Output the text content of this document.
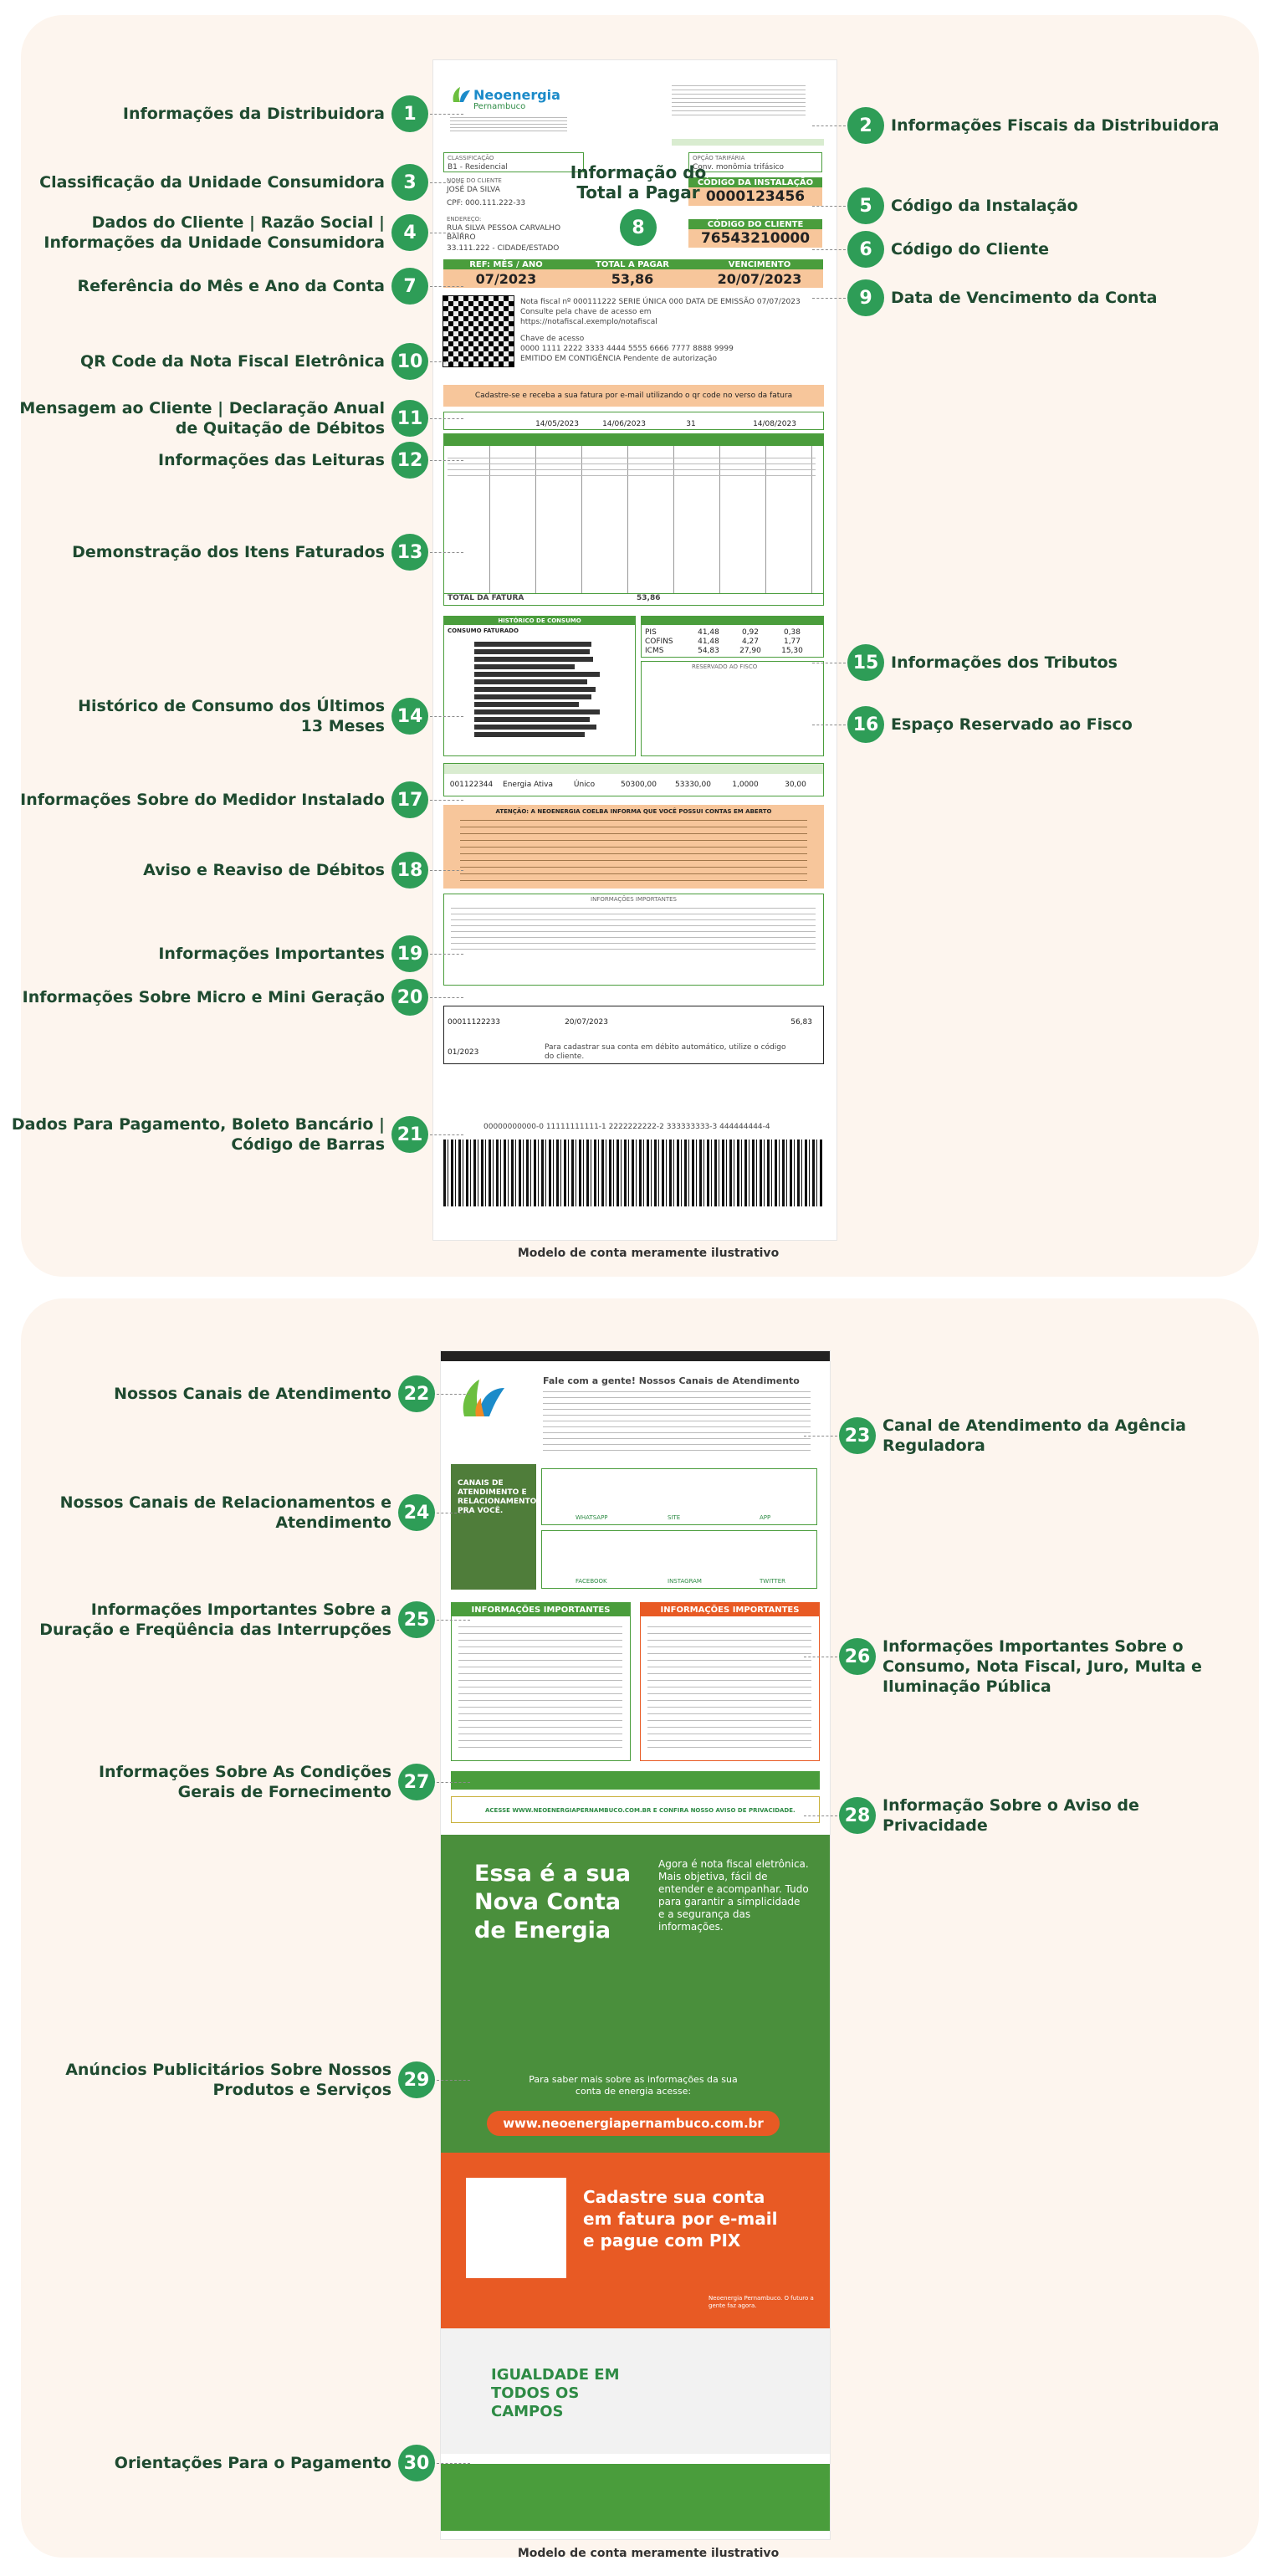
Neoenergia
Pernambuco
CLASSIFICAÇÃO
B1 - Residencial
NOME DO CLIENTE
JOSÉ DA SILVA
CPF: 000.111.222-33
ENDEREÇO:
RUA SILVA PESSOA CARVALHO
BAIRRO
33.111.222 - CIDADE/ESTADO
OPÇÃO TARIFÁRIA
Conv. monômia trifásico
CÓDIGO DA INSTALAÇÃO
0000123456
CÓDIGO DO CLIENTE
76543210000
REF: MÊS / ANO	TOTAL A PAGAR	VENCIMENTO
07/2023	53,86	20/07/2023
Nota fiscal nº 000111222 SERIE ÚNICA 000 DATA DE EMISSÃO 07/07/2023
Consulte pela chave de acesso em
https://notafiscal.exemplo/notafiscal
Chave de acesso
0000 1111 2222 3333 4444 5555 6666 7777 8888 9999
EMITIDO EM CONTIGÊNCIA Pendente de autorização
Cadastre-se e receba a sua fatura por e-mail utilizando o qr code no verso da fatura
14/05/2023	14/06/2023	31	14/08/2023
TOTAL DA FATURA	53,86
HISTÓRICO DE CONSUMO
CONSUMO FATURADO	PIS	41,48	0,92	0,38
COFINS	41,48	4,27	1,77
ICMS	54,83	27,90	15,30
RESERVADO AO FISCO
001122344	Energia Ativa	Único	50300,00	53330,00	1,0000	30,00
ATENÇÃO: A NEOENERGIA COELBA INFORMA QUE VOCÊ POSSUI CONTAS EM ABERTO
INFORMAÇÕES IMPORTANTES
00011122233	20/07/2023	56,83
01/2023
Para cadastrar sua conta em débito automático, utilize o código do cliente.
00000000000-0 11111111111-1 2222222222-2 333333333-3 444444444-4
Modelo de conta meramente ilustrativo
Fale com a gente! Nossos Canais de Atendimento
CANAIS DE ATENDIMENTO E RELACIONAMENTO PRA VOCÊ.
WHATSAPP	SITE	APP
FACEBOOK	INSTAGRAM	TWITTER
INFORMAÇÕES IMPORTANTES	INFORMAÇÕES IMPORTANTES
ACESSE WWW.NEOENERGIAPERNAMBUCO.COM.BR E CONFIRA NOSSO AVISO DE PRIVACIDADE.
Essa é a sua Nova Conta de Energia
Agora é nota fiscal eletrônica. Mais objetiva, fácil de entender e acompanhar. Tudo para garantir a simplicidade e a segurança das informações.
Para saber mais sobre as informações da sua conta de energia acesse:
www.neoenergiapernambuco.com.br
Cadastre sua conta em fatura por e-mail e pague com PIX
Neoenergia Pernambuco. O futuro a gente faz agora.
IGUALDADE EM TODOS OS CAMPOS
Modelo de conta meramente ilustrativo
1
Informações da Distribuidora
2	Informações Fiscais da Distribuidora
3
Classificação da Unidade Consumidora
4
Dados do Cliente | Razão Social | Informações da Unidade Consumidora
5	Código da Instalação
6	Código do Cliente
7
Referência do Mês e Ano da Conta
8
Informação do Total a Pagar
9	Data de Vencimento da Conta
10
QR Code da Nota Fiscal Eletrônica
11
Mensagem ao Cliente | Declaração Anual de Quitação de Débitos
12
Informações das Leituras
13
Demonstração dos Itens Faturados
14
Histórico de Consumo dos Últimos 13 Meses
15 Informações dos Tributos
16 Espaço Reservado ao Fisco
17
Informações Sobre do Medidor Instalado
18
Aviso e Reaviso de Débitos
19
Informações Importantes
20
Informações Sobre Micro e Mini Geração
21
Dados Para Pagamento, Boleto Bancário | Código de Barras
22
Nossos Canais de Atendimento
23 Canal de Atendimento da Agência Reguladora
24
Nossos Canais de Relacionamentos e Atendimento
25
Informações Importantes Sobre a Duração e Freqüência das Interrupções
26 Informações Importantes Sobre o Consumo, Nota Fiscal, Juro, Multa e Iluminação Pública
27
Informações Sobre As Condições Gerais de Fornecimento
28 Informação Sobre o Aviso de Privacidade
29
Anúncios Publicitários Sobre Nossos Produtos e Serviços
30
Orientações Para o Pagamento
